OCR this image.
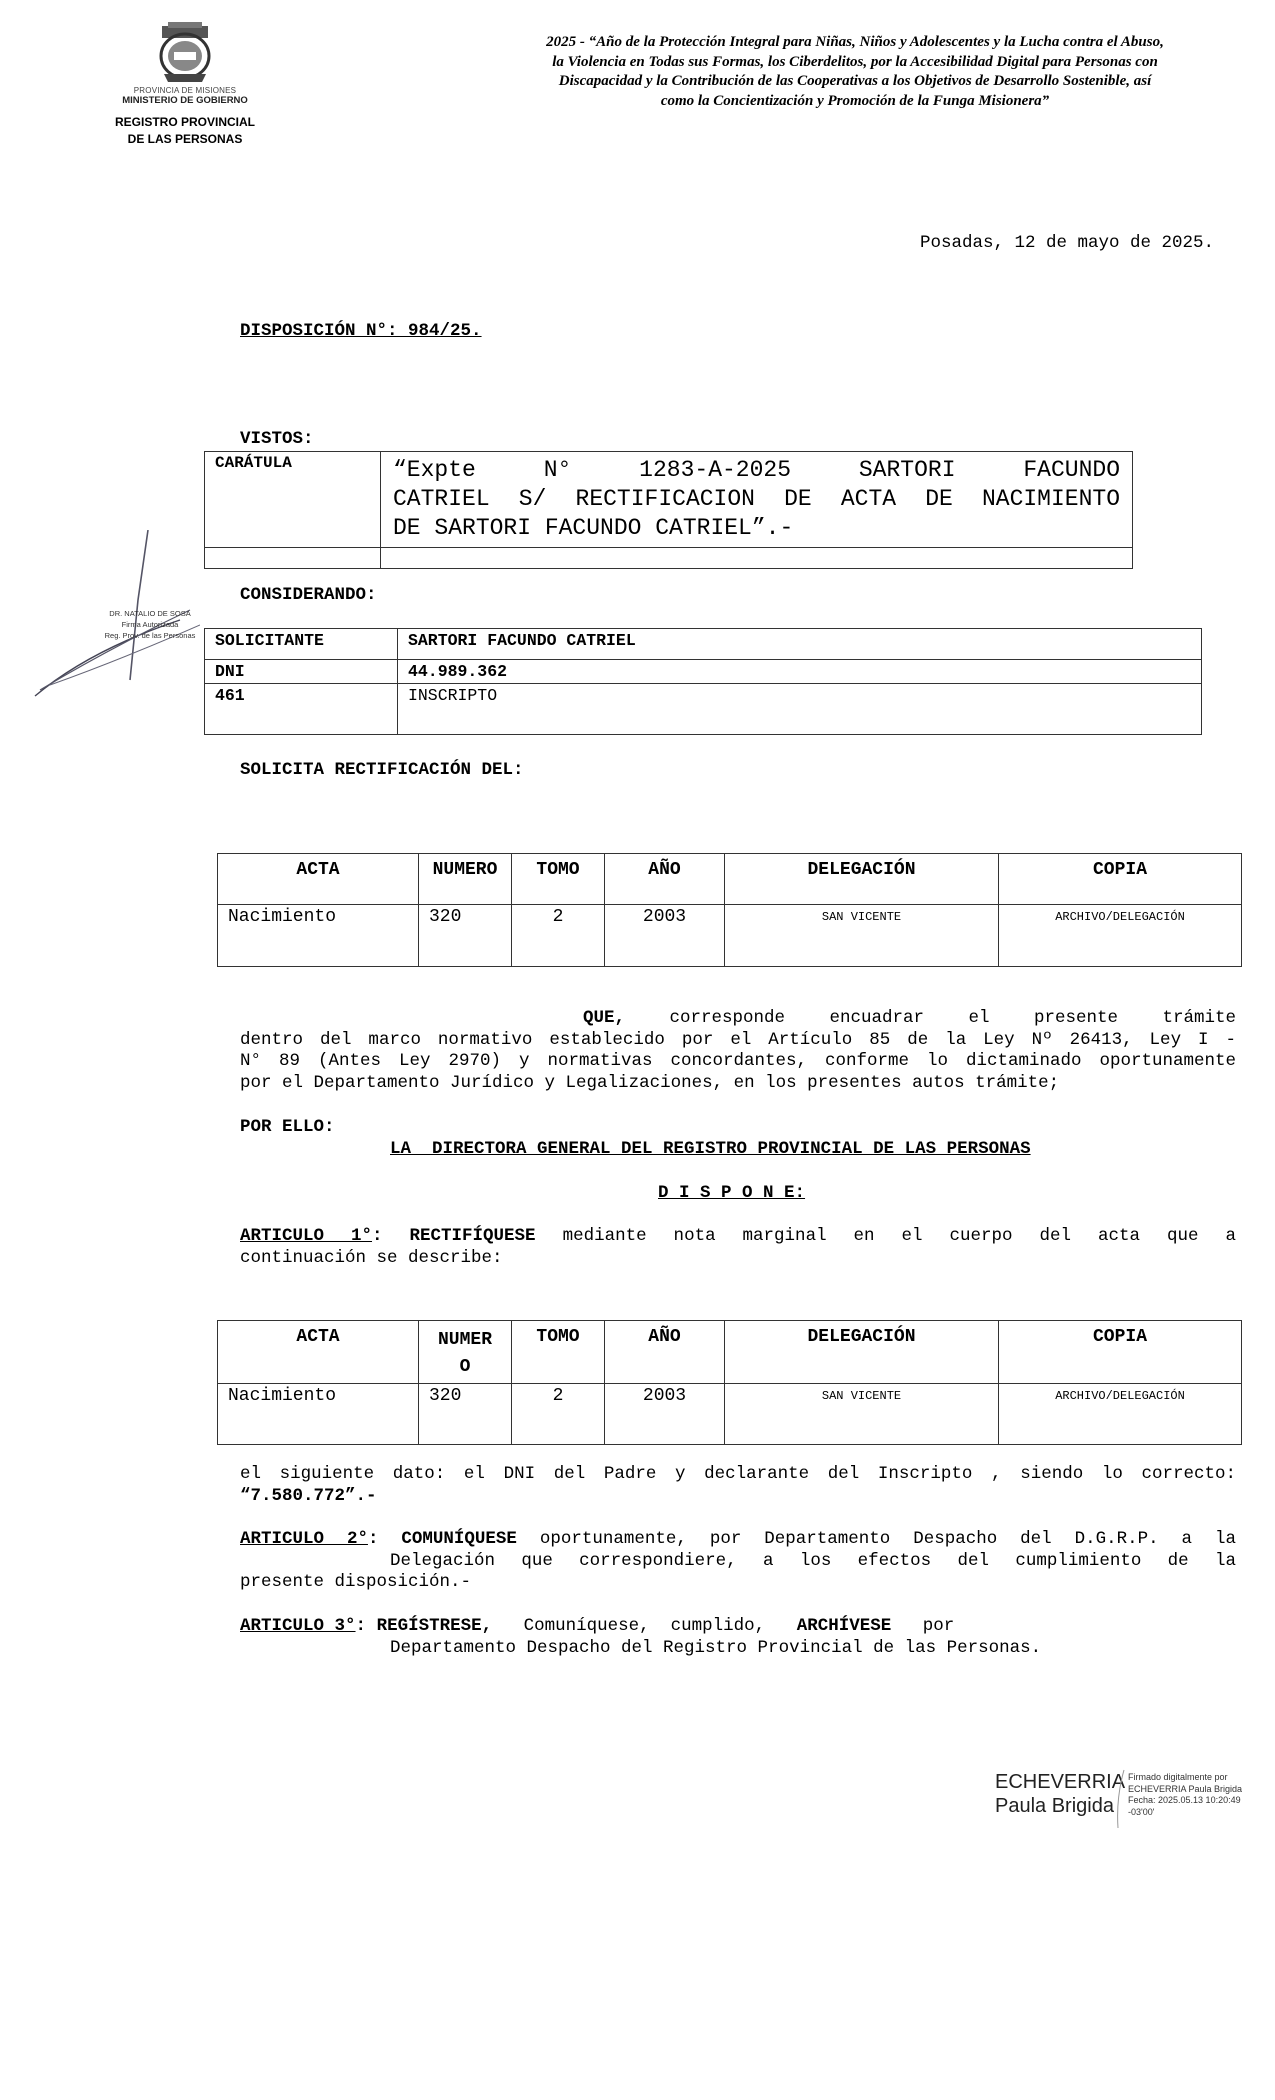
PROVINCIA DE MISIONES
MINISTERIO DE GOBIERNO
REGISTRO PROVINCIAL DE LAS PERSONAS
2025 - “Año de la Protección Integral para Niñas, Niños y Adolescentes y la Lucha contra el Abuso, la Violencia en Todas sus Formas, los Ciberdelitos, por la Accesibilidad Digital para Personas con Discapacidad y la Contribución de las Cooperativas a los Objetivos de Desarrollo Sostenible, así como la Concientización y Promoción de la Funga Misionera”
Posadas, 12 de mayo de 2025.
DISPOSICIÓN N°: 984/25.
VISTOS:
CARÁTULA	“Expte N° 1283-A-2025 SARTORI FACUNDO
CATRIEL S/ RECTIFICACION DE ACTA DE NACIMIENTO
DE SARTORI FACUNDO CATRIEL”.-

DR. NATALIO DE SOSA
Firma Autorizada
Reg. Prov. de las Personas
CONSIDERANDO:
SOLICITANTE	SARTORI FACUNDO CATRIEL
DNI	44.989.362
461	INSCRIPTO
SOLICITA RECTIFICACIÓN DEL:
ACTA	NUMERO	TOMO	AÑO	DELEGACIÓN	COPIA
Nacimiento	320	2	2003	SAN VICENTE	ARCHIVO/DELEGACIÓN
QUE,	corresponde encuadrar el presente trámite
dentro del marco normativo establecido por el Artículo 85 de la Ley Nº 26413, Ley I -
N° 89 (Antes Ley 2970) y normativas concordantes, conforme lo dictaminado oportunamente
por el Departamento Jurídico y Legalizaciones, en los presentes autos trámite;
POR ELLO:
LA  DIRECTORA GENERAL DEL REGISTRO PROVINCIAL DE LAS PERSONAS
D I S P O N E:
ARTICULO 1°: RECTIFÍQUESE mediante nota marginal en el cuerpo del acta que a
continuación se describe:
ACTA	NUMER
O	TOMO	AÑO	DELEGACIÓN	COPIA
Nacimiento	320	2	2003	SAN VICENTE	ARCHIVO/DELEGACIÓN
el siguiente dato: el DNI del Padre y declarante del Inscripto , siendo lo correcto:
“7.580.772”.-
ARTICULO 2°: COMUNÍQUESE oportunamente, por Departamento Despacho del D.G.R.P. a la
Delegación que correspondiere, a los efectos del cumplimiento de la
presente disposición.-
ARTICULO 3°: REGÍSTRESE, Comuníquese,  cumplido, ARCHÍVESE por
Departamento Despacho del Registro Provincial de las Personas.
ECHEVERRIA
Paula Brigida
Firmado digitalmente por
ECHEVERRIA Paula Brigida
Fecha: 2025.05.13 10:20:49
-03'00'
